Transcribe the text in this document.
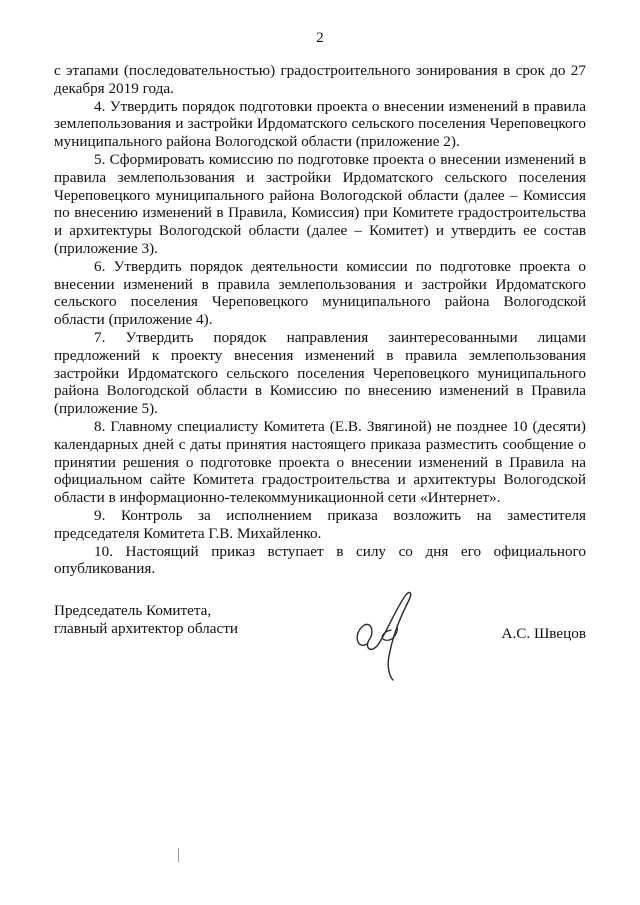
2

с этапами (последовательностью) градостроительного зонирования в срок до 27 декабря 2019 года.

4. Утвердить порядок подготовки проекта о внесении изменений в правила землепользования и застройки Ирдоматского сельского поселения Череповецкого муниципального района Вологодской области (приложение 2).

5. Сформировать комиссию по подготовке проекта о внесении изменений в правила землепользования и застройки Ирдоматского сельского поселения Череповецкого муниципального района Вологодской области (далее – Комиссия по внесению изменений в Правила, Комиссия) при Комитете градостроительства и архитектуры Вологодской области (далее – Комитет) и утвердить ее состав (приложение 3).

6. Утвердить порядок деятельности комиссии по подготовке проекта о внесении изменений в правила землепользования и застройки Ирдоматского сельского поселения Череповецкого муниципального района Вологодской области (приложение 4).

7. Утвердить порядок направления заинтересованными лицами предложений к проекту внесения изменений в правила землепользования застройки Ирдоматского сельского поселения Череповецкого муниципального района Вологодской области в Комиссию по внесению изменений в Правила (приложение 5).

8. Главному специалисту Комитета (Е.В. Звягиной) не позднее 10 (десяти) календарных дней с даты принятия настоящего приказа разместить сообщение о принятии решения о подготовке проекта о внесении изменений в Правила на официальном сайте Комитета градостроительства и архитектуры Вологодской области в информационно-телекоммуникационной сети «Интернет».

9. Контроль за исполнением приказа возложить на заместителя председателя Комитета Г.В. Михайленко.

10. Настоящий приказ вступает в силу со дня его официального опубликования.

Председатель Комитета,
главный архитектор области	А.С. Швецов
